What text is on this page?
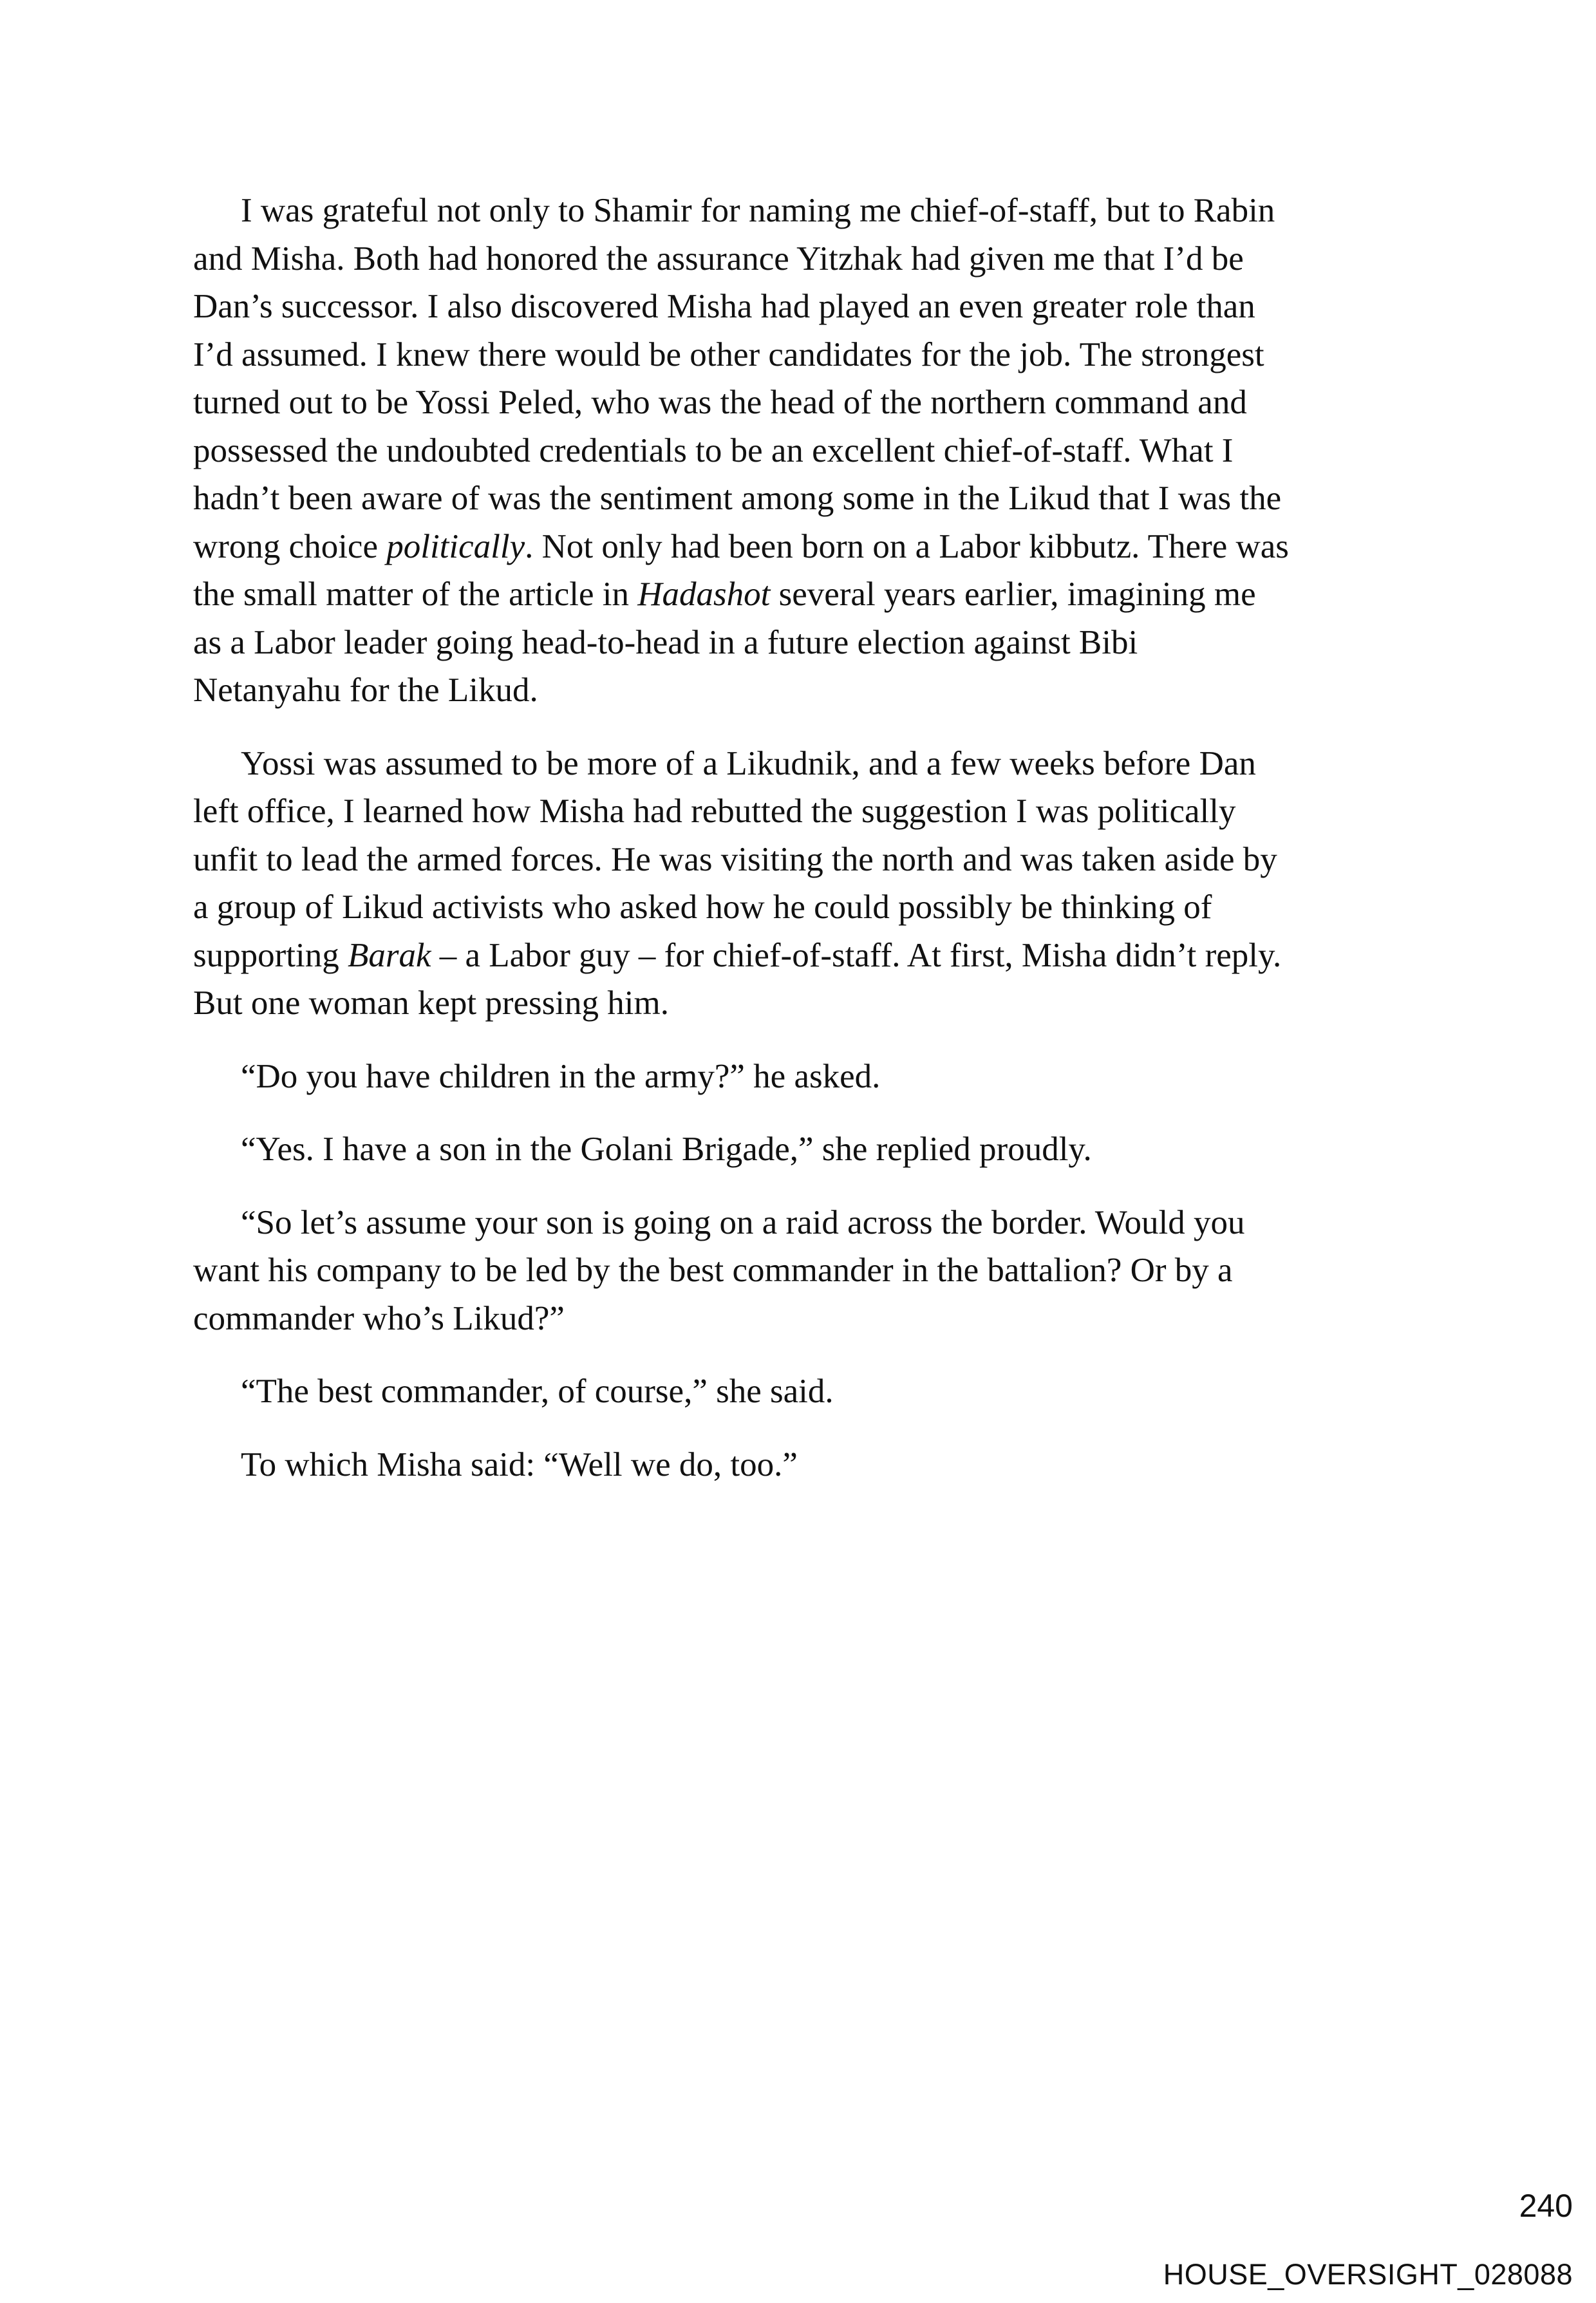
I was grateful not only to Shamir for naming me chief-of-staff, but to Rabin
and Misha. Both had honored the assurance Yitzhak had given me that I’d be
Dan’s successor. I also discovered Misha had played an even greater role than
I’d assumed. I knew there would be other candidates for the job. The strongest
turned out to be Yossi Peled, who was the head of the northern command and
possessed the undoubted credentials to be an excellent chief-of-staff. What I
hadn’t been aware of was the sentiment among some in the Likud that I was the
wrong choice politically. Not only had been born on a Labor kibbutz. There was
the small matter of the article in Hadashot several years earlier, imagining me
as a Labor leader going head-to-head in a future election against Bibi
Netanyahu for the Likud.

Yossi was assumed to be more of a Likudnik, and a few weeks before Dan
left office, I learned how Misha had rebutted the suggestion I was politically
unfit to lead the armed forces. He was visiting the north and was taken aside by
a group of Likud activists who asked how he could possibly be thinking of
supporting Barak – a Labor guy – for chief-of-staff. At first, Misha didn’t reply.
But one woman kept pressing him.

“Do you have children in the army?” he asked.

“Yes. I have a son in the Golani Brigade,” she replied proudly.

“So let’s assume your son is going on a raid across the border. Would you
want his company to be led by the best commander in the battalion? Or by a
commander who’s Likud?”

“The best commander, of course,” she said.

To which Misha said: “Well we do, too.”

240
HOUSE_OVERSIGHT_028088
